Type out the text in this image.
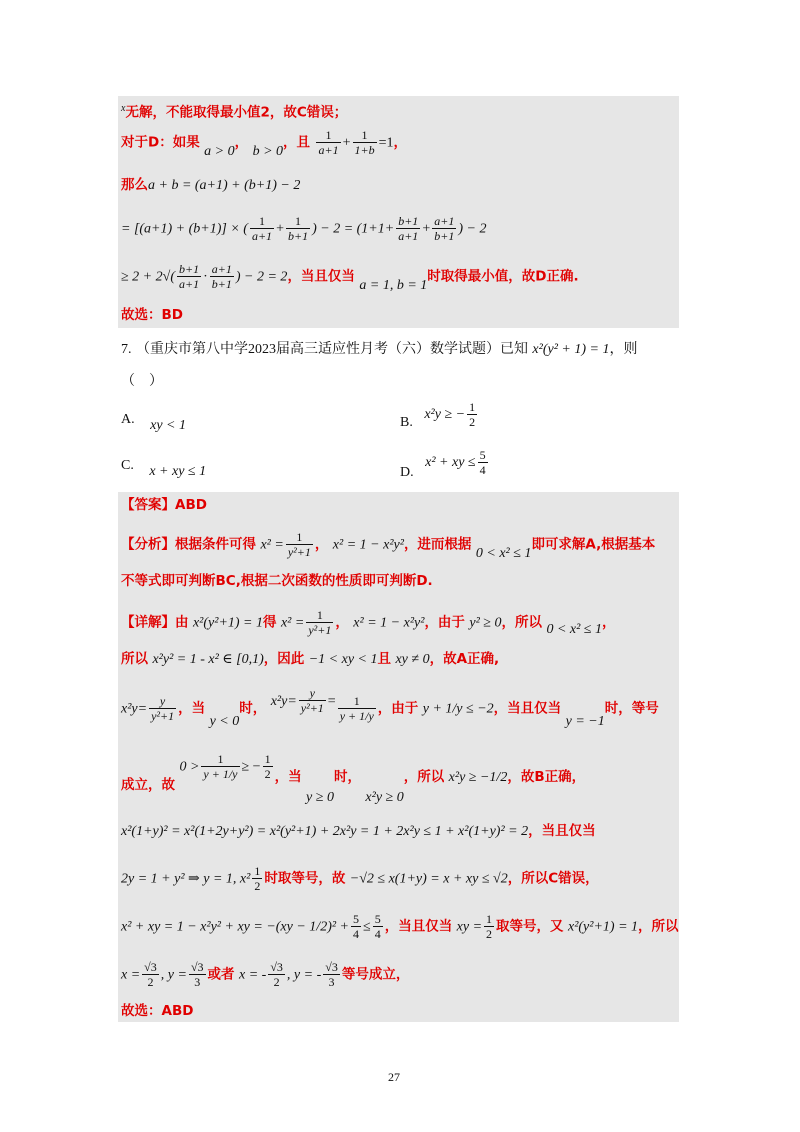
$^x$无解，不能取得最小值2，故C错误；
对于D：如果 a > 0， b > 0，且 $\frac{1}{a+1} + \frac{1}{1+b} =1$，
那么a + b = (a+1) + (b+1) − 2
= [(a+1) + (b+1)] × ( $\frac{1}{a+1} + \frac{1}{b+1}$ ) − $2 = (1+1+ \frac{b+1}{a+1} + \frac{a+1}{b+1}$ ) − 2
≥ $2 + 2√( \frac{b+1}{a+1} \cdot \frac{a+1}{b+1}$ ) − 2 = 2，当且仅当 a = 1, b = 1时取得最小值，故D正确.
故选：BD
7. （重庆市第八中学2023届高三适应性月考（六）数学试题）已知 x²(y² + 1) = 1，则
（　）
A. xy < 1	B. x²y ≥ − $\frac{1}{2}$
C. x + xy ≤ 1	D. x² + xy ≤ $\frac{5}{4}$
【答案】ABD
【分析】根据条件可得 $x^2 = \frac{1}{\text{y²+1}}$ ， x² = 1 − x²y²，进而根据 0 < x² ≤ 1即可求解A,根据基本
不等式即可判断BC,根据二次函数的性质即可判断D.
【详解】由 x²(y²+1) = 1得 $x^2 = \frac{1}{\text{y²+1}}$ ， x² = 1 − x²y²，由于 y² ≥ 0，所以 0 < x² ≤ 1，
所以 x²y² = 1 - x² ∈ [0,1)，因此 −1 < xy < 1且 xy ≠ 0，故A正确,
$x^2y= \frac{y}{\text{y²+1}}$ ，当 y < 0时， $x^2y= \frac{y}{\text{y²+1}} = \frac{1}{y + 1/y}$ ，由于 y + 1/y ≤ −2，当且仅当 y = −1时，等号
成立，故 $0 > \frac{1}{y + 1/y}$ ≥ − $\frac{1}{2}$ ，当 y ≥ 0时， x²y ≥ 0，所以 x²y ≥ −1/2，故B正确，
x²(1+y)² = x²(1+2y+y²) = x²(y²+1) + 2x²y = 1 + 2x²y ≤ 1 + x²(1+y)² = 2，当且仅当
2y = 1 + y² ⇒ y = 1, $x^2 \frac{1}{2}$ 时取等号，故 −√2 ≤ x(1+y) = x + xy ≤ √2，所以C错误，
x² + xy = 1 − x²y² + xy = $-(xy - 1/2)^2 + \frac{5}{4} \le \frac{5}{4}$ ，当且仅当 xy = $\frac{1}{2}$ 取等号，又 x²(y²+1) = 1，所以
$x = \frac{√3}{2}$ , $y = \frac{√3}{3}$ 或者 x = - $\frac{√3}{2}$ , y = - $\frac{√3}{3}$ 等号成立，
故选：ABD
27
